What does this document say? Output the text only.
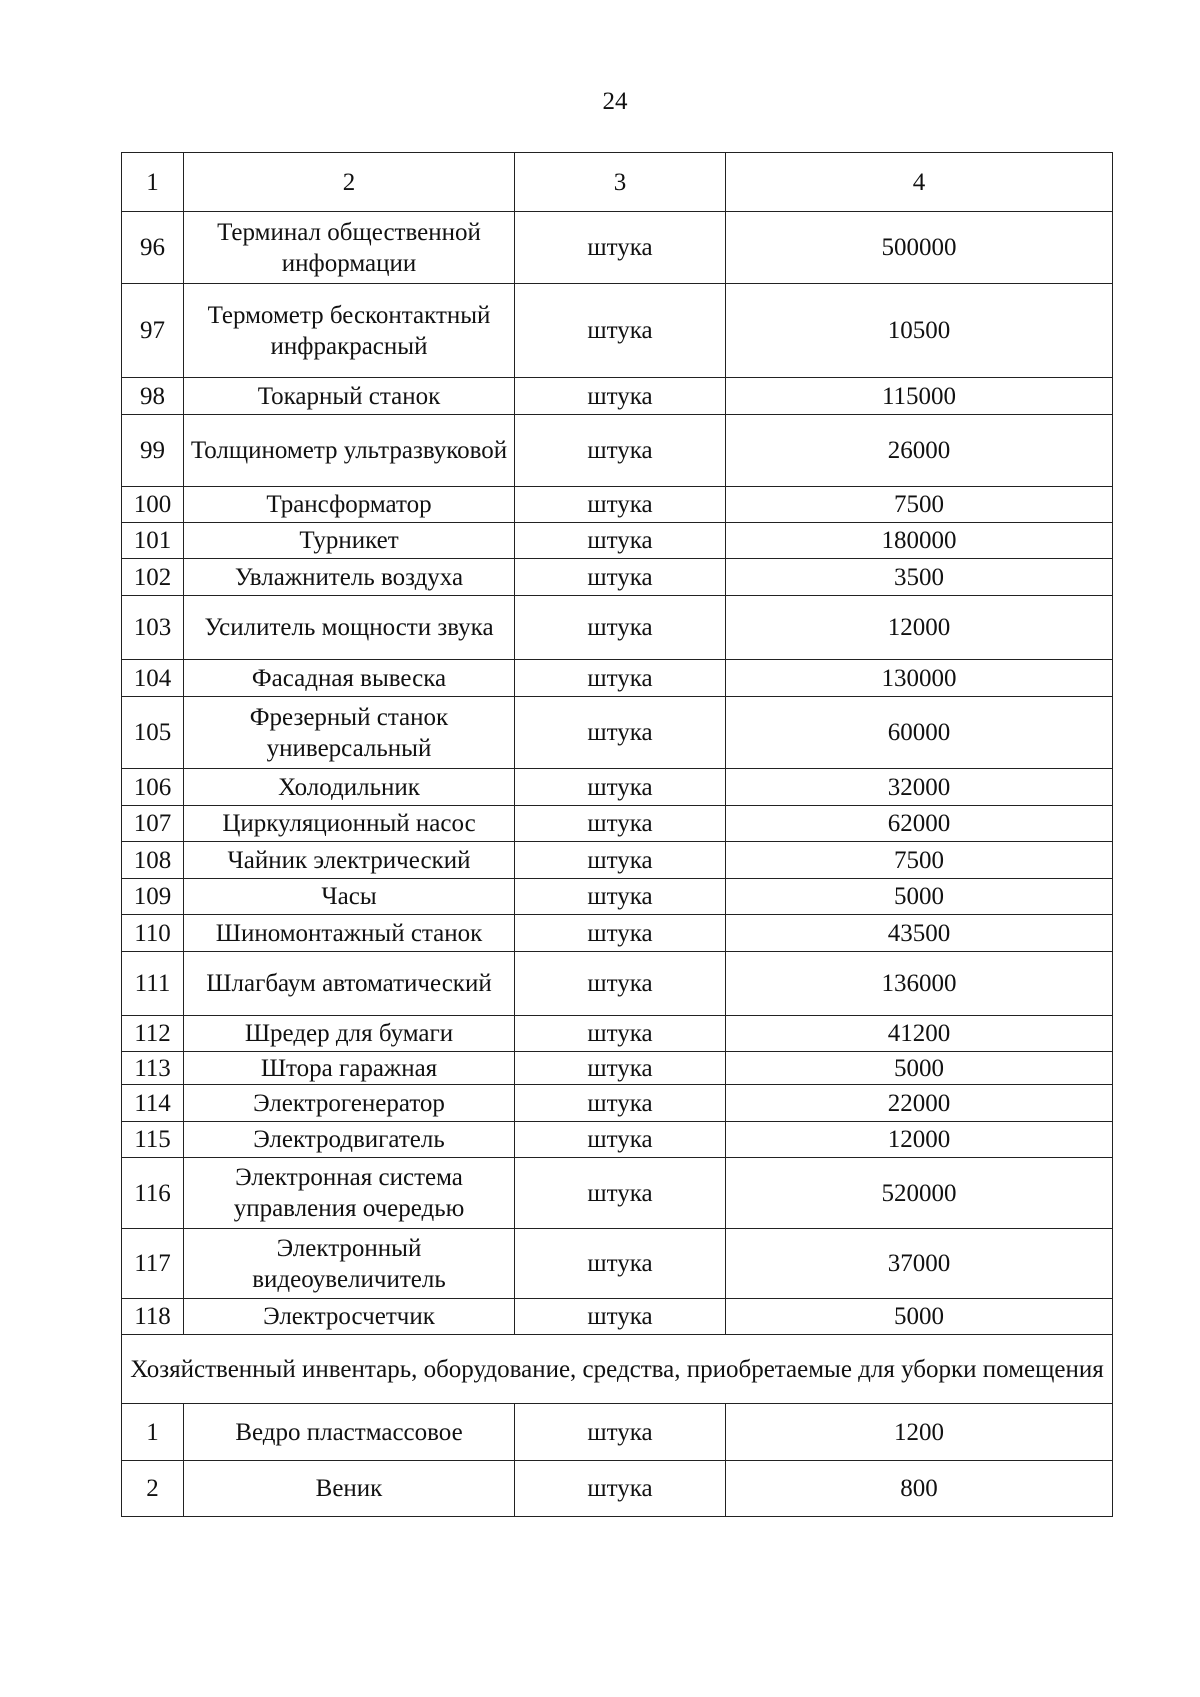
24
1	2	3	4
96	Терминал общественной информации	штука	500000
97	Термометр бесконтактный инфракрасный	штука	10500
98	Токарный станок	штука	115000
99	Толщинометр ультразвуковой	штука	26000
100	Трансформатор	штука	7500
101	Турникет	штука	180000
102	Увлажнитель воздуха	штука	3500
103	Усилитель мощности звука	штука	12000
104	Фасадная вывеска	штука	130000
105	Фрезерный станок универсальный	штука	60000
106	Холодильник	штука	32000
107	Циркуляционный насос	штука	62000
108	Чайник электрический	штука	7500
109	Часы	штука	5000
110	Шиномонтажный станок	штука	43500
111	Шлагбаум автоматический	штука	136000
112	Шредер для бумаги	штука	41200
113	Штора гаражная	штука	5000
114	Электрогенератор	штука	22000
115	Электродвигатель	штука	12000
116	Электронная система управления очередью	штука	520000
117	Электронный видеоувеличитель	штука	37000
118	Электросчетчик	штука	5000
Хозяйственный инвентарь, оборудование, средства, приобретаемые для уборки помещения			
1	Ведро пластмассовое	штука	1200
2	Веник	штука	800
